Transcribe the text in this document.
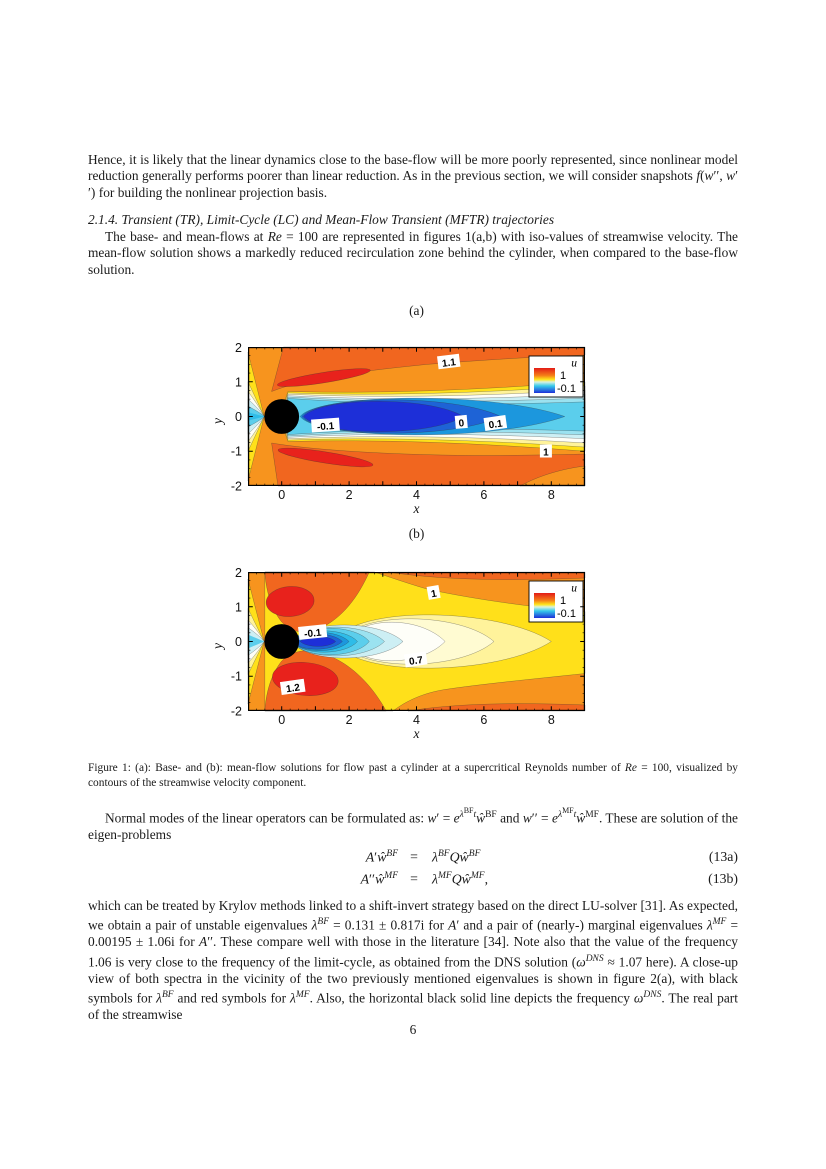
Hence, it is likely that the linear dynamics close to the base-flow will be more poorly represented, since nonlinear model reduction generally performs poorer than linear reduction. As in the previous section, we will consider snapshots f(w′′, w′′) for building the nonlinear projection basis.
2.1.4. Transient (TR), Limit-Cycle (LC) and Mean-Flow Transient (MFTR) trajectories
The base- and mean-flows at Re = 100 are represented in figures 1(a,b) with iso-values of streamwise velocity. The mean-flow solution shows a markedly reduced recirculation zone behind the cylinder, when compared to the base-flow solution.
(a)
1.1
-0.1	0 0.1
1
u
1
-0.1
0	2	4	6	8
2
1
0
-1
-2
x
y
(b)
1
-0.1
0.7
1.2
u
1
-0.1
0	2	4	6	8
2
1
0
-1
-2
x
y
Figure 1: (a): Base- and (b): mean-flow solutions for flow past a cylinder at a supercritical Reynolds number of Re = 100, visualized by contours of the streamwise velocity component.
Normal modes of the linear operators can be formulated as: $w' = e^{\lambda^{BF}t}ŵ^{BF}$ and $w'' = e^{\lambda^{MF}t}ŵ^{MF}$. These are solution of the eigen-problems
$A'ŵ^{BF}$ =	$\lambda^{BF}Qŵ^{BF}$	(13a)
$A''ŵ^{MF}$ =	$\lambda^{MF}Qŵ^{MF}$,	(13b)
which can be treated by Krylov methods linked to a shift-invert strategy based on the direct LU-solver [31]. As expected, we obtain a pair of unstable eigenvalues $\lambda^{BF} = 0.131 \pm 0.817i$ for A′ and a pair of (nearly-) marginal eigenvalues $\lambda^{MF} = 0.00195 \pm 1.06i$ for A′′. These compare well with those in the literature [34]. Note also that the value of the frequency 1.06 is very close to the frequency of the limit-cycle, as obtained from the DNS solution ($\omega^{DNS} \approx 1.07$ here). A close-up view of both spectra in the vicinity of the two previously mentioned eigenvalues is shown in figure 2(a), with black symbols for $\lambda^{BF}$ and red symbols for $\lambda^{MF}$. Also, the horizontal black solid line depicts the frequency $\omega^{DNS}$. The real part of the streamwise
6
